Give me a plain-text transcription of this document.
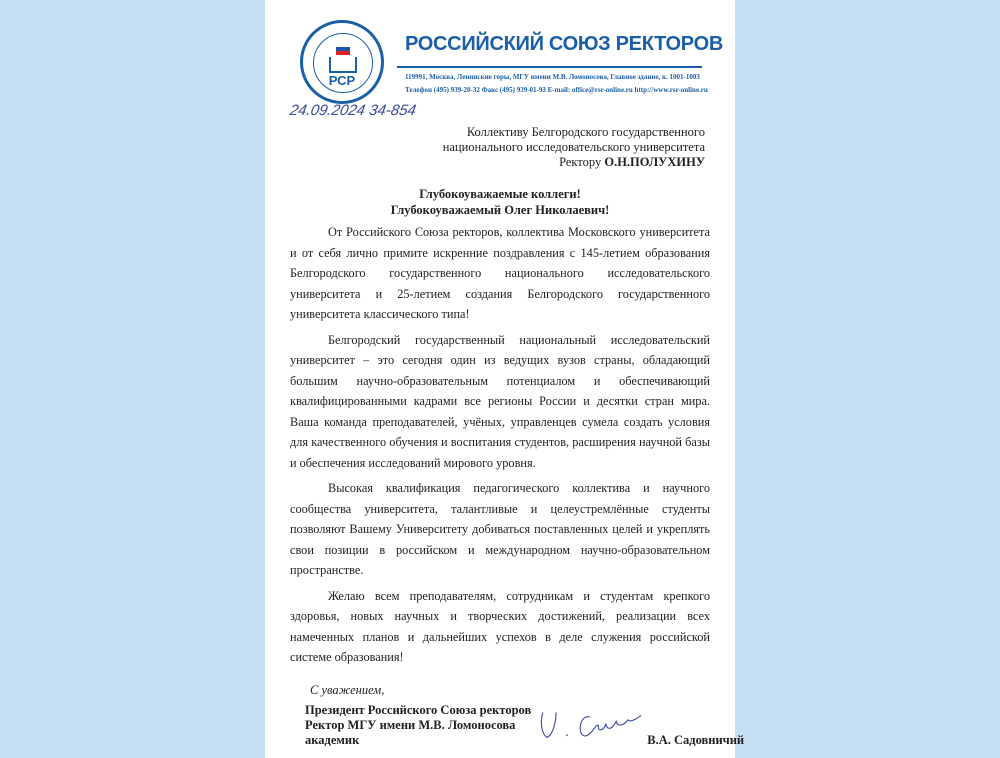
РСР
РОССИЙСКИЙ СОЮЗ РЕКТОРОВ
119991, Москва, Ленинские горы, МГУ имени М.В. Ломоносова, Главное здание, к. 1001-1003
Телефон (495) 939-20-32 Факс (495) 939-01-93 E-mail: office@rsr-online.ru http://www.rsr-online.ru
24.09.2024 34-854
Коллективу Белгородского государственного
национального исследовательского университета
Ректору О.Н.ПОЛУХИНУ
Глубокоуважаемые коллеги!
Глубокоуважаемый Олег Николаевич!

От Российского Союза ректоров, коллектива Московского университета и от себя лично примите искренние поздравления с 145-летием образования Белгородского государственного национального исследовательского университета и 25-летием создания Белгородского государственного университета классического типа!

Белгородский государственный национальный исследовательский университет – это сегодня один из ведущих вузов страны, обладающий большим научно-образовательным потенциалом и обеспечивающий квалифицированными кадрами все регионы России и десятки стран мира. Ваша команда преподавателей, учёных, управленцев сумела создать условия для качественного обучения и воспитания студентов, расширения научной базы и обеспечения исследований мирового уровня.

Высокая квалификация педагогического коллектива и научного сообщества университета, талантливые и целеустремлённые студенты позволяют Вашему Университету добиваться поставленных целей и укреплять свои позиции в российском и международном научно-образовательном пространстве.

Желаю всем преподавателям, сотрудникам и студентам крепкого здоровья, новых научных и творческих достижений, реализации всех намеченных планов и дальнейших успехов в деле служения российской системе образования!

С уважением,
Президент Российского Союза ректоров
Ректор МГУ имени М.В. Ломоносова
академик	В.А. Садовничий
